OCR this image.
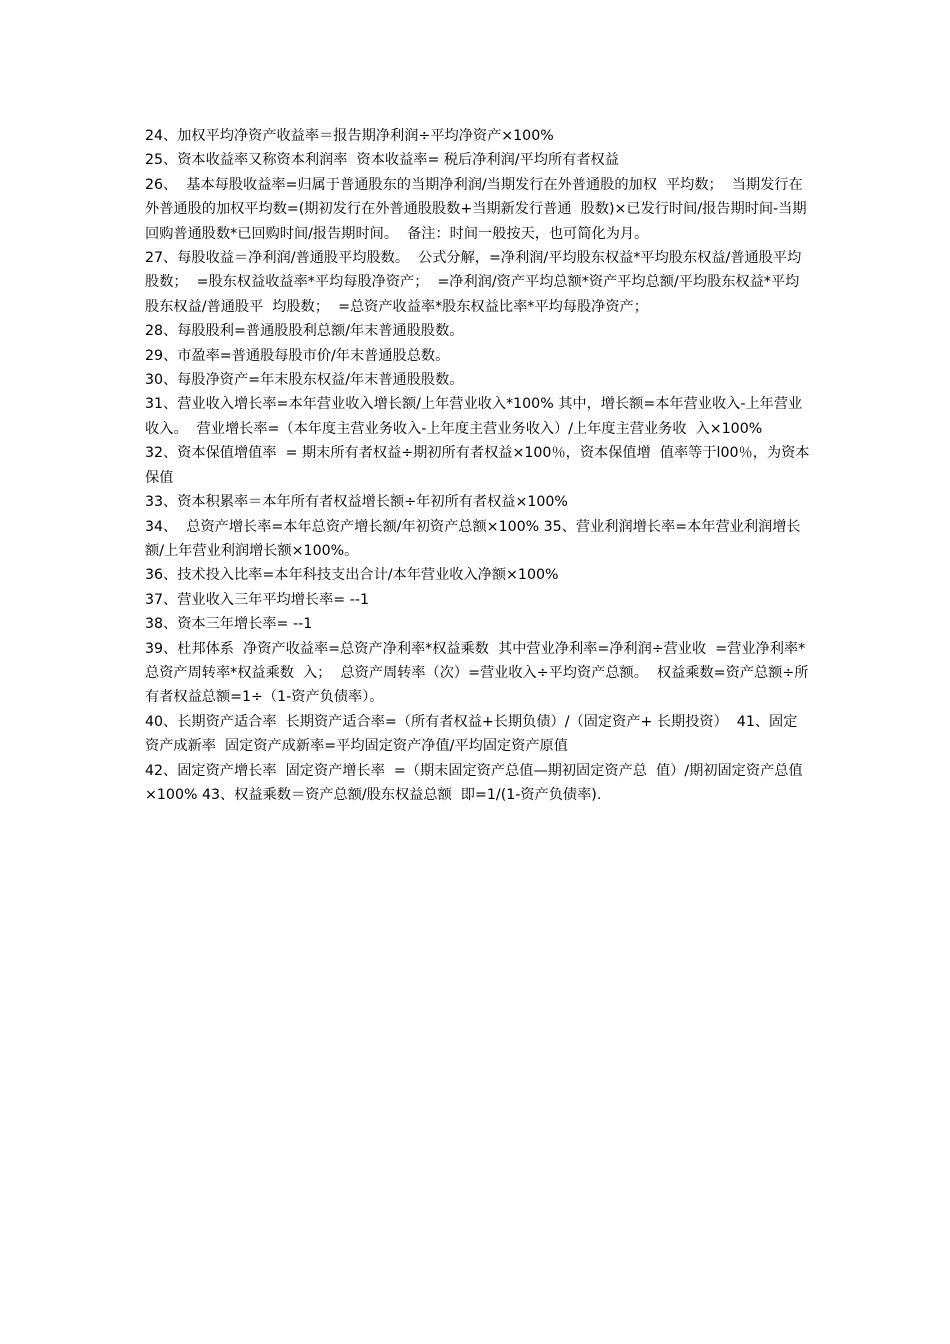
24、加权平均净资产收益率＝报告期净利润÷平均净资产×100%

25、资本收益率又称资本利润率  资本收益率= 税后净利润/平均所有者权益

26、  基本每股收益率=归属于普通股东的当期净利润/当期发行在外普通股的加权  平均数；  当期发行在外普通股的加权平均数=(期初发行在外普通股股数+当期新发行普通  股数)×已发行时间/报告期时间-当期回购普通股数*已回购时间/报告期时间。  备注：时间一般按天，也可简化为月。

27、每股收益＝净利润/普通股平均股数。  公式分解，=净利润/平均股东权益*平均股东权益/普通股平均股数；  =股东权益收益率*平均每股净资产；  =净利润/资产平均总额*资产平均总额/平均股东权益*平均股东权益/普通股平  均股数；  =总资产收益率*股东权益比率*平均每股净资产；

28、每股股利=普通股股利总额/年末普通股股数。

29、市盈率=普通股每股市价/年末普通股总数。

30、每股净资产=年末股东权益/年末普通股股数。

31、营业收入增长率=本年营业收入增长额/上年营业收入*100% 其中，增长额=本年营业收入-上年营业收入。  营业增长率=（本年度主营业务收入-上年度主营业务收入）/上年度主营业务收  入×100%

32、资本保值增值率  = 期末所有者权益÷期初所有者权益×100％，资本保值增  值率等于l00％，为资本保值

33、资本积累率＝本年所有者权益增长额÷年初所有者权益×100%

34、  总资产增长率=本年总资产增长额/年初资产总额×100% 35、营业利润增长率=本年营业利润增长额/上年营业利润增长额×100%。

36、技术投入比率=本年科技支出合计/本年营业收入净额×100%

37、营业收入三年平均增长率= --1

38、资本三年增长率= --1

39、杜邦体系  净资产收益率=总资产净利率*权益乘数  其中营业净利率=净利润÷营业收  =营业净利率*总资产周转率*权益乘数  入；  总资产周转率（次）=营业收入÷平均资产总额。  权益乘数=资产总额÷所有者权益总额=1÷（1-资产负债率）。

40、长期资产适合率  长期资产适合率=（所有者权益+长期负债）/（固定资产+ 长期投资）  41、固定资产成新率  固定资产成新率=平均固定资产净值/平均固定资产原值

42、固定资产增长率  固定资产增长率  =（期末固定资产总值—期初固定资产总  值）/期初固定资产总值×100% 43、权益乘数＝资产总额/股东权益总额  即=1/(1-资产负债率).
